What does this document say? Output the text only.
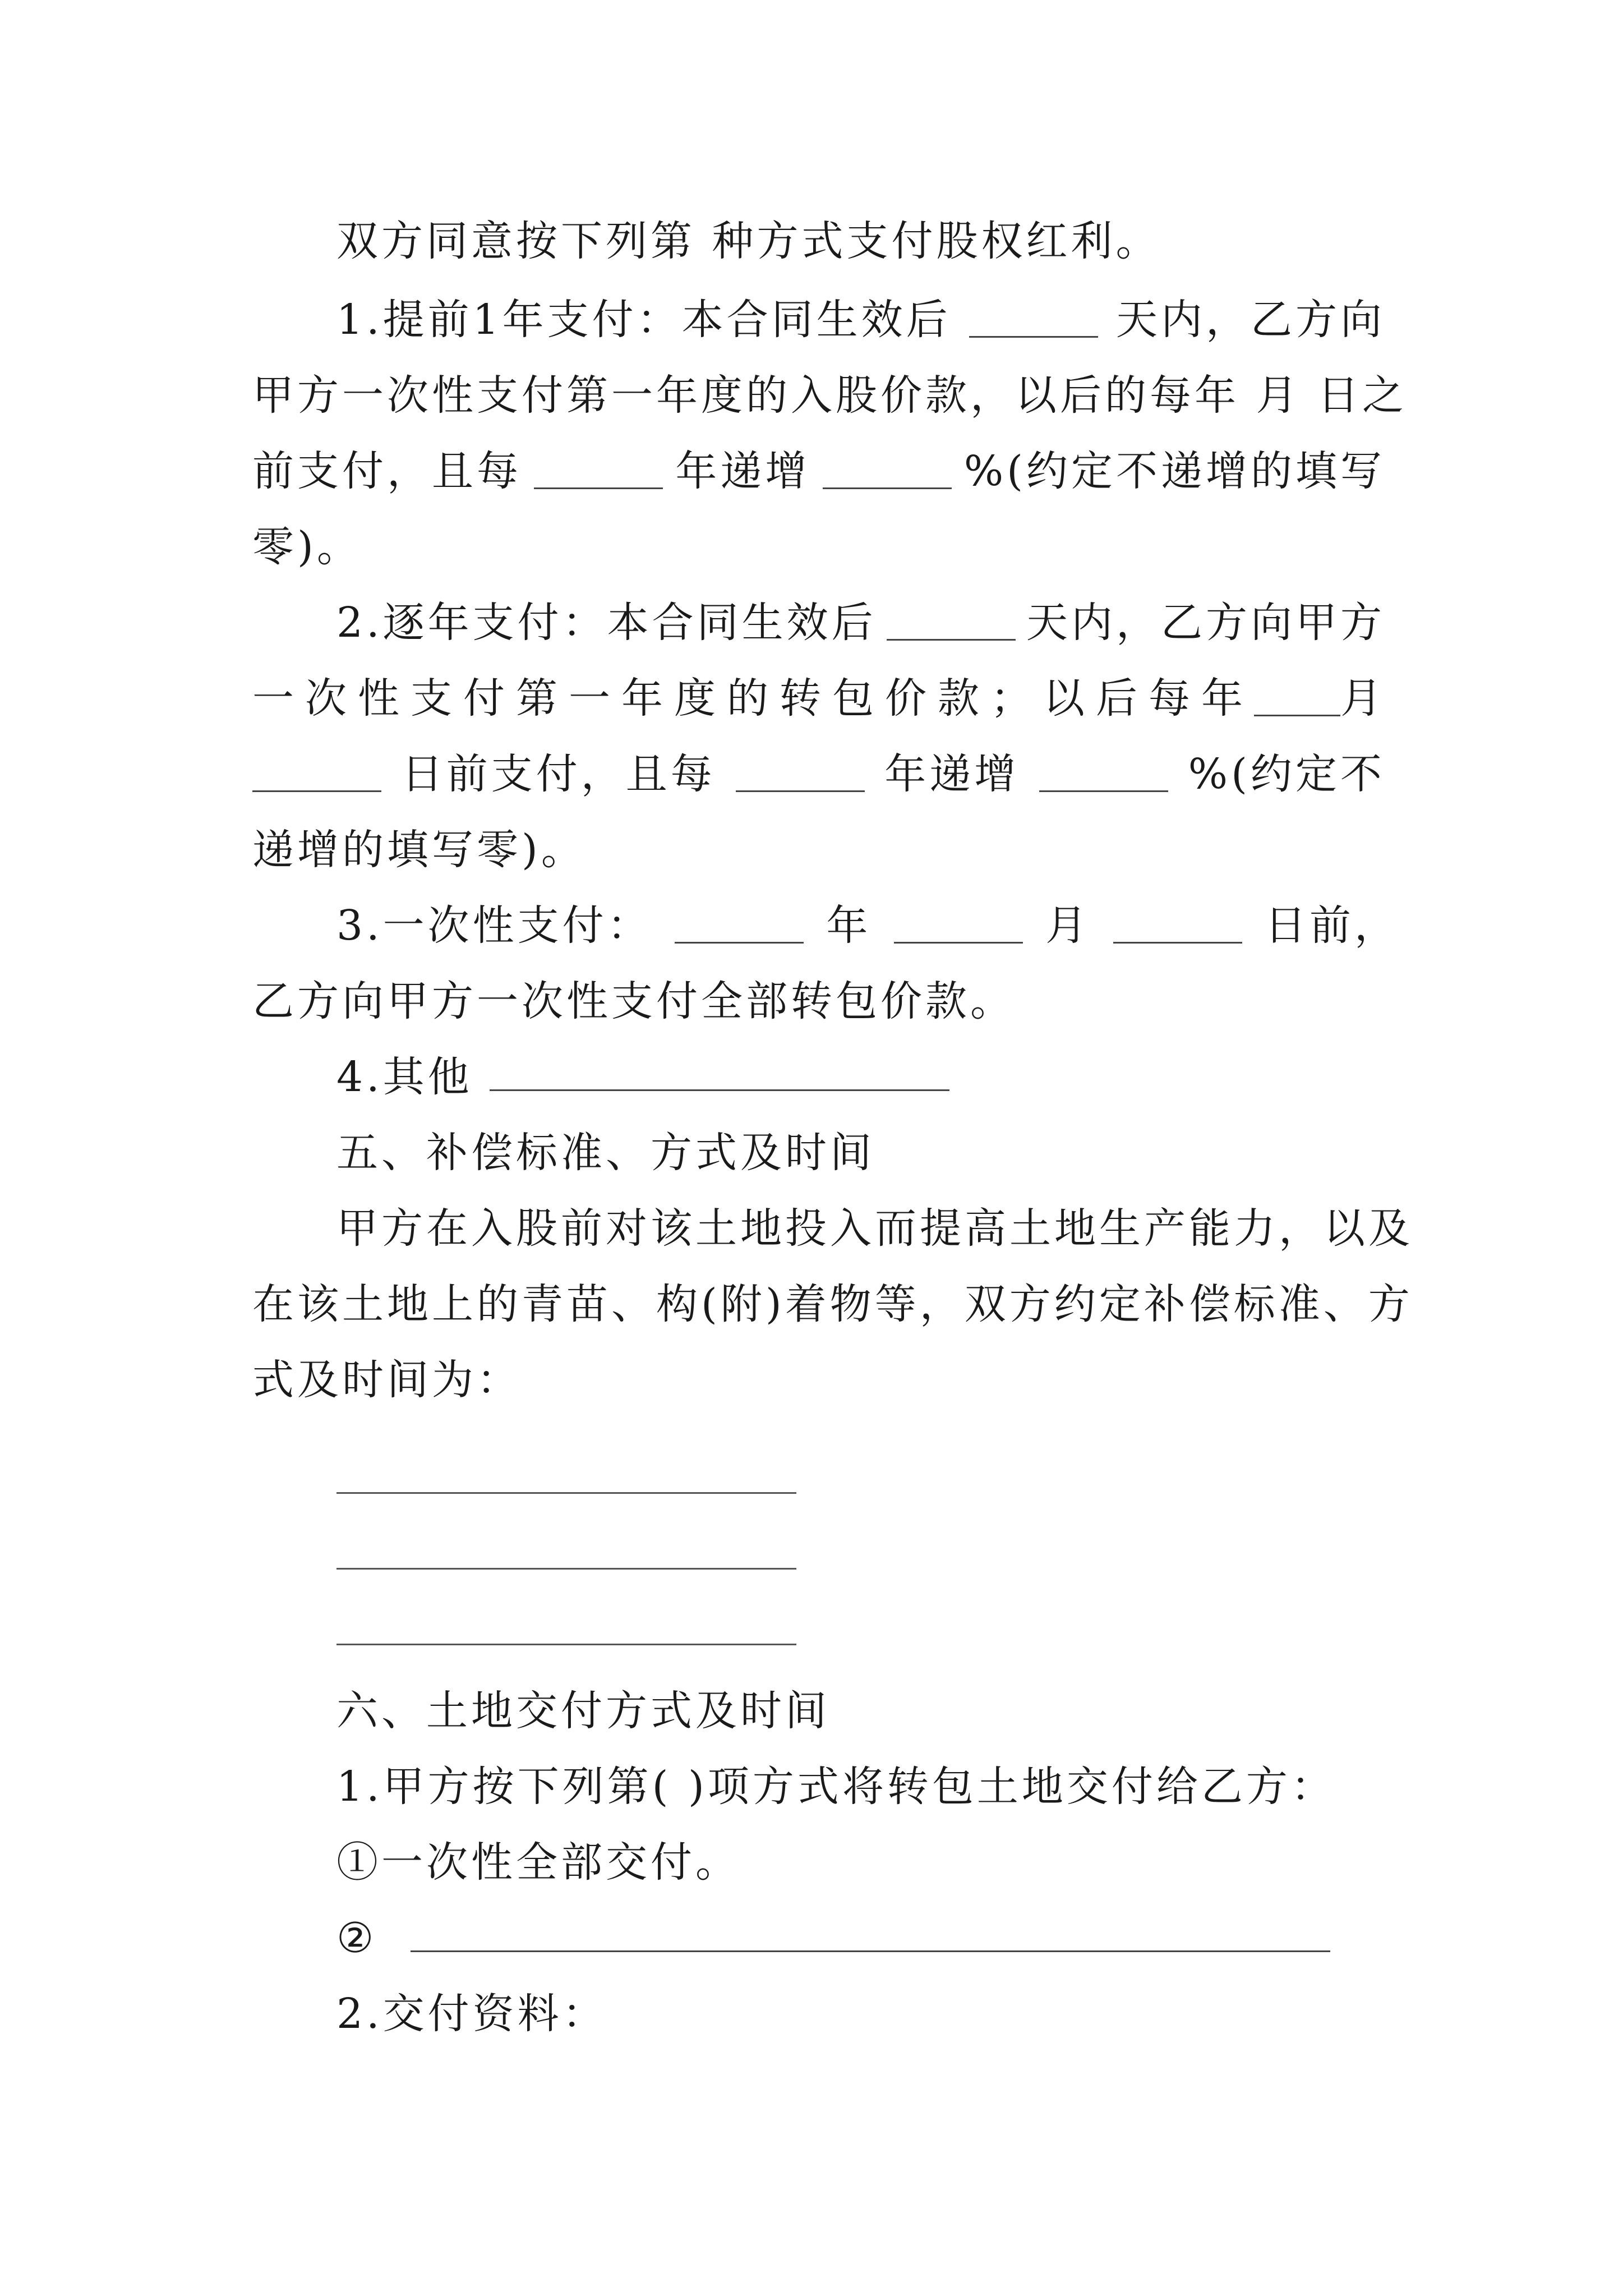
双方同意按下列第 种方式支付股权红利。
1.提前1年支付：本合同生效后	天内，乙方向
甲方一次性支付第一年度的入股价款，以后的每年 月 日之
前支付，且每	年递增	%(约定不递增的填写
零)。
2.逐年支付：本合同生效后	天内，乙方向甲方
一次性支付第一年度的转包价款；以后每年 月
日前支付，且每	年递增	%(约定不
递增的填写零)。
3.一次性支付：	年	月	日前，
乙方向甲方一次性支付全部转包价款。
4.其他
五、补偿标准、方式及时间
甲方在入股前对该土地投入而提高土地生产能力，以及
在该土地上的青苗、构(附)着物等，双方约定补偿标准、方
式及时间为：
六、土地交付方式及时间
1.甲方按下列第( )项方式将转包土地交付给乙方：
①一次性全部交付。
②
2.交付资料：
